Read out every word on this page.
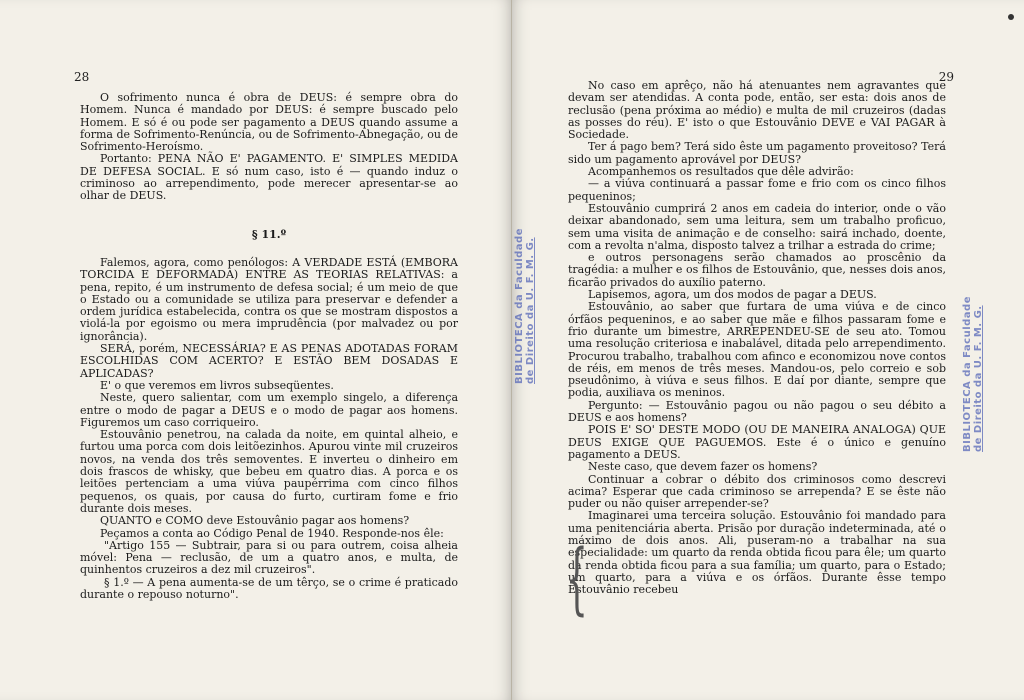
28

O sofrimento nunca é obra de DEUS: é sempre obra do Homem. Nunca é mandado por DEUS: é sempre buscado pelo Homem. E só é ou pode ser pagamento a DEUS quando assume a forma de Sofrimento-Renúncia, ou de Sofrimento-Abnegação, ou de Sofrimento-Heroísmo.

Portanto: PENA NÃO E' PAGAMENTO. E' SIMPLES MEDIDA DE DEFESA SOCIAL. E só num caso, isto é — quando induz o criminoso ao arrependimento, pode merecer apresentar-se ao olhar de DEUS.

§ 11.º

Falemos, agora, como penólogos: A VERDADE ESTÁ (EMBORA TORCIDA E DEFORMADA) ENTRE AS TEORIAS RELATIVAS: a pena, repito, é um instrumento de defesa social; é um meio de que o Estado ou a comunidade se utiliza para preservar e defender a ordem jurídica estabelecida, contra os que se mostram dispostos a violá-la por egoismo ou mera imprudência (por malvadez ou por ignorância).

SERÁ, porém, NECESSÁRIA? E AS PENAS ADOTADAS FORAM ESCOLHIDAS COM ACERTO? E ESTÃO BEM DOSADAS E APLICADAS?

E' o que veremos em livros subseqüentes.

Neste, quero salientar, com um exemplo singelo, a diferença entre o modo de pagar a DEUS e o modo de pagar aos homens. Figuremos um caso corriqueiro.

Estouvânio penetrou, na calada da noite, em quintal alheio, e furtou uma porca com dois leitõezinhos. Apurou vinte mil cruzeiros novos, na venda dos três semoventes. E inverteu o dinheiro em dois frascos de whisky, que bebeu em quatro dias. A porca e os leitões pertenciam a uma viúva paupérrima com cinco filhos pequenos, os quais, por causa do furto, curtiram fome e frio durante dois meses.

QUANTO e COMO deve Estouvânio pagar aos homens?

Peçamos a conta ao Código Penal de 1940. Responde-nos êle:

"Artigo 155 — Subtrair, para si ou para outrem, coisa alheia móvel: Pena — reclusão, de um a quatro anos, e multa, de quinhentos cruzeiros a dez mil cruzeiros".

§ 1.º — A pena aumenta-se de um têrço, se o crime é praticado durante o repouso noturno".

29

No caso em aprêço, não há atenuantes nem agravantes que devam ser atendidas. A conta pode, então, ser esta: dois anos de reclusão (pena próxima ao médio) e multa de mil cruzeiros (dadas as posses do réu). E' isto o que Estouvânio DEVE e VAI PAGAR à Sociedade.

Ter á pago bem? Terá sido êste um pagamento proveitoso? Terá sido um pagamento aprovável por DEUS?

Acompanhemos os resultados que dêle advirão:

— a viúva continuará a passar fome e frio com os cinco filhos pequeninos;

Estouvânio cumprirá 2 anos em cadeia do interior, onde o vão deixar abandonado, sem uma leitura, sem um trabalho proficuo, sem uma visita de animação e de conselho: sairá inchado, doente, com a revolta n'alma, disposto talvez a trilhar a estrada do crime;

e outros personagens serão chamados ao proscênio da tragédia: a mulher e os filhos de Estouvânio, que, nesses dois anos, ficarão privados do auxílio paterno.

Lapisemos, agora, um dos modos de pagar a DEUS.

Estouvânio, ao saber que furtara de uma viúva e de cinco órfãos pequeninos, e ao saber que mãe e filhos passaram fome e frio durante um bimestre, ARREPENDEU-SE de seu ato. Tomou uma resolução criteriosa e inabalável, ditada pelo arrependimento. Procurou trabalho, trabalhou com afinco e economizou nove contos de réis, em menos de três meses. Mandou-os, pelo correio e sob pseudônimo, à viúva e seus filhos. E daí por diante, sempre que podia, auxiliava os meninos.

Pergunto: — Estouvânio pagou ou não pagou o seu débito a DEUS e aos homens?

POIS E' SO' DESTE MODO (OU DE MANEIRA ANALOGA) QUE DEUS EXIGE QUE PAGUEMOS. Este é o único e genuíno pagamento a DEUS.

Neste caso, que devem fazer os homens?

Continuar a cobrar o débito dos criminosos como descrevi acima? Esperar que cada criminoso se arrependa? E se êste não puder ou não quiser arrepender-se?

Imaginarei uma terceira solução. Estouvânio foi mandado para uma penitenciária aberta. Prisão por duração indeterminada, até o máximo de dois anos. Ali, puseram-no a trabalhar na sua especialidade: um quarto da renda obtida ficou para êle; um quarto da renda obtida ficou para a sua família; um quarto, para o Estado; um quarto, para a viúva e os órfãos. Durante êsse tempo Estouvânio recebeu

{
BIBLIOTECA da Faculdade de Direito da U. F. M. G.	BIBLIOTECA da Faculdade de Direito da U. F. M. G.
